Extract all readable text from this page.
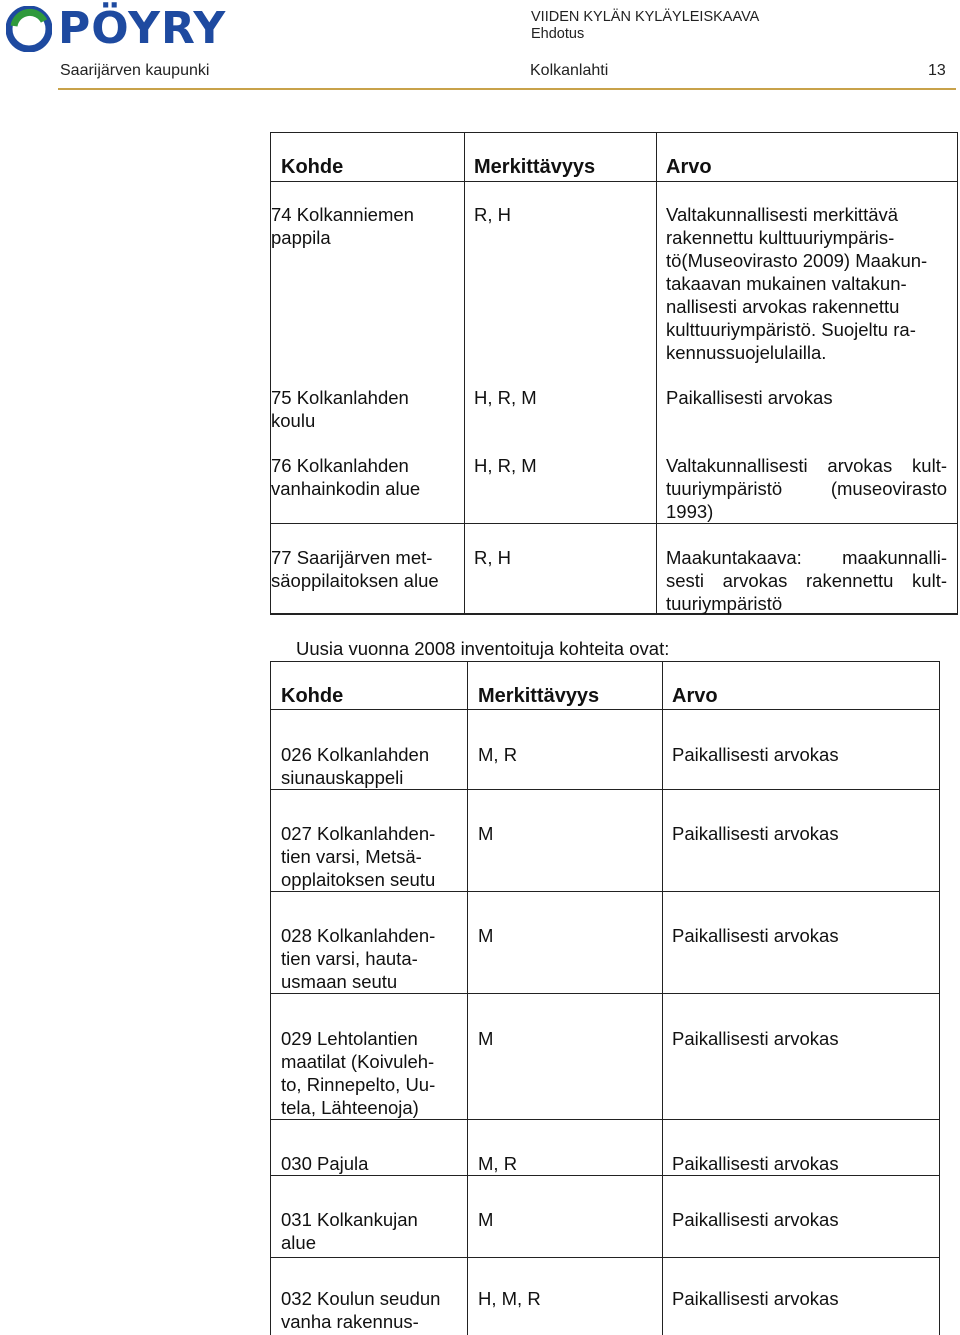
PÖYRY	VIIDEN KYLÄN KYLÄYLEISKAAVA
Ehdotus
Saarijärven kaupunki	Kolkanlahti	13
Kohde	Merkittävyys	Arvo
74 Kolkanniemen
pappila
R, H	Valtakunnallisesti merkittävä
rakennettu kulttuuriympäris-
tö(Museovirasto 2009) Maakun-
takaavan mukainen valtakun-
nallisesti arvokas rakennettu
kulttuuriympäristö. Suojeltu ra-
kennussuojelulailla.
75 Kolkanlahden
koulu
H, R, M	Paikallisesti arvokas
76 Kolkanlahden
vanhainkodin alue
H, R, M	Valtakunnallisesti arvokas kult-
tuuriympäristö (museovirasto
1993)
77 Saarijärven met-
säoppilaitoksen alue
R, H	Maakuntakaava: maakunnalli-
sesti arvokas rakennettu kult-
tuuriympäristö
Uusia vuonna 2008 inventoituja kohteita ovat:
Kohde	Merkittävyys	Arvo
026 Kolkanlahden
siunauskappeli
M, R	Paikallisesti arvokas
027 Kolkanlahden-
tien varsi, Metsä-
opplaitoksen seutu
M	Paikallisesti arvokas
028 Kolkanlahden-
tien varsi, hauta-
usmaan seutu
M	Paikallisesti arvokas
029 Lehtolantien
maatilat (Koivuleh-
to, Rinnepelto, Uu-
tela, Lähteenoja)
M	Paikallisesti arvokas
030 Pajula	M, R	Paikallisesti arvokas
031 Kolkankujan
alue
M	Paikallisesti arvokas
032 Koulun seudun
vanha rakennus-
H, M, R	Paikallisesti arvokas
